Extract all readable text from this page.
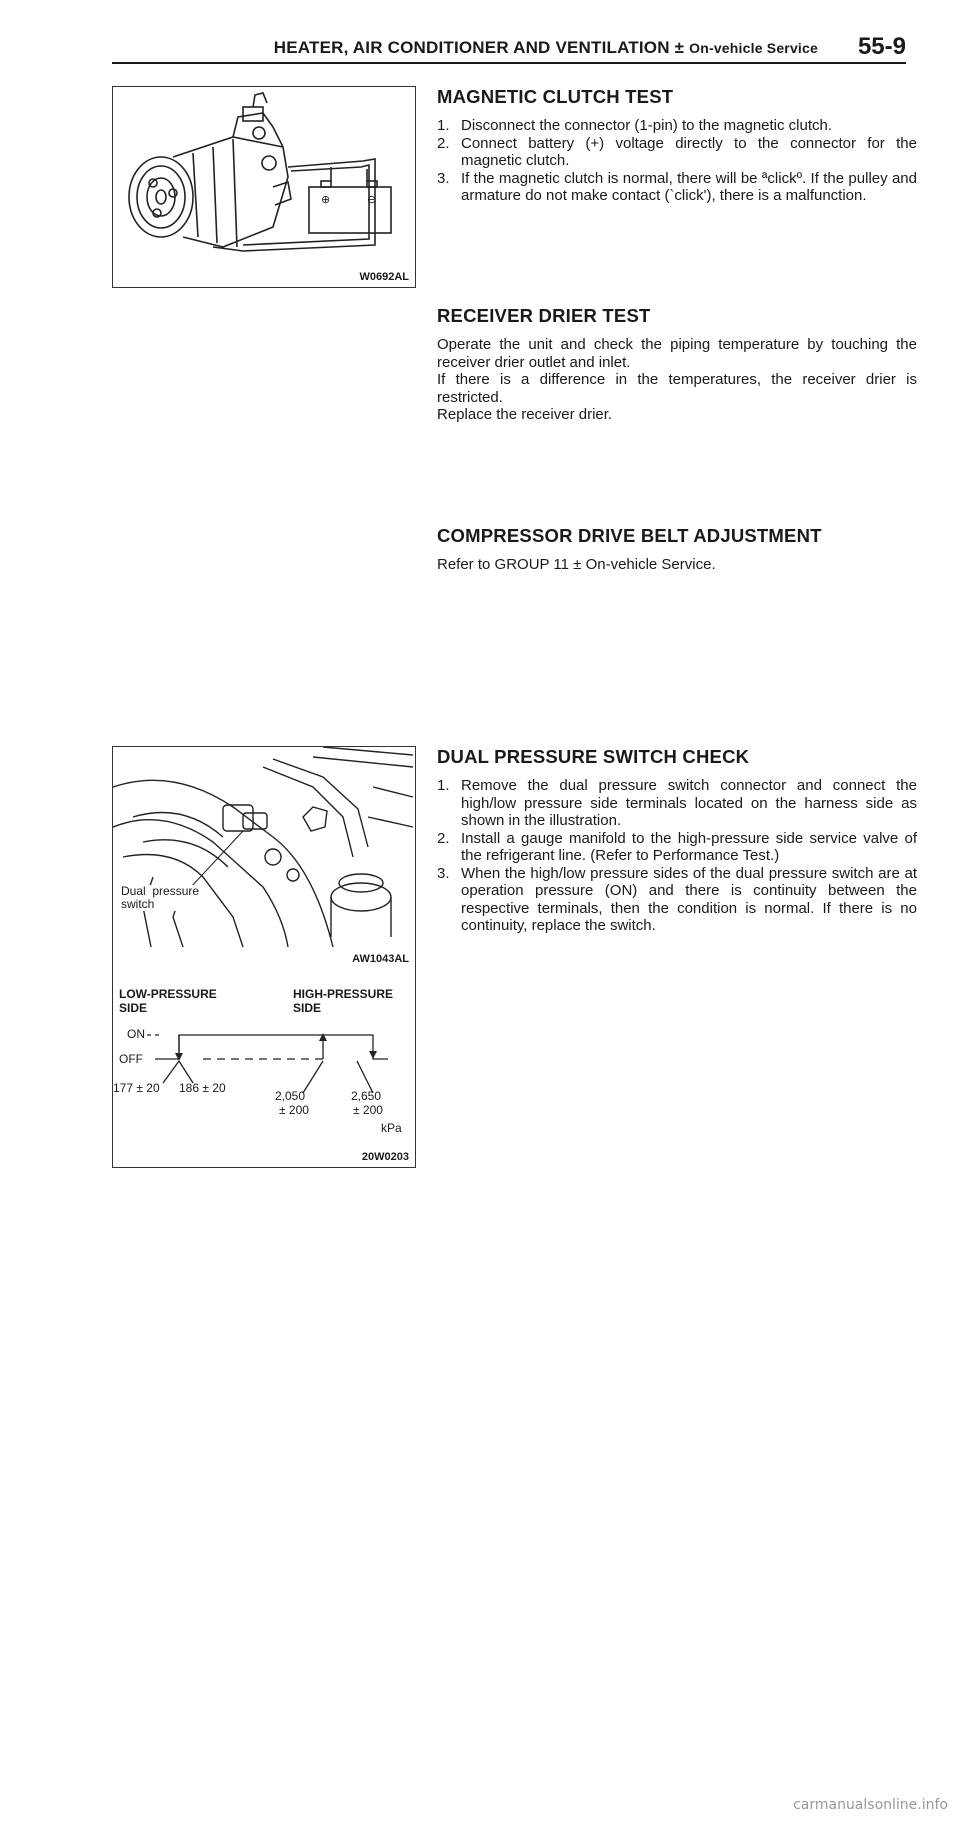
HEATER, AIR CONDITIONER AND VENTILATION ± On-vehicle Service 55-9
⊕	⊖
W0692AL
MAGNETIC CLUTCH TEST
1. Disconnect the connector (1-pin) to the magnetic clutch.
2. Connect battery (+) voltage directly to the connector for the magnetic clutch.
3. If the magnetic clutch is normal, there will be ªclickº. If the pulley and armature do not make contact (`click'), there is a malfunction.
RECEIVER DRIER TEST

Operate the unit and check the piping temperature by touching the receiver drier outlet and inlet.

If there is a difference in the temperatures, the receiver drier is restricted.

Replace the receiver drier.

COMPRESSOR DRIVE BELT ADJUSTMENT

Refer to GROUP 11 ± On-vehicle Service.

Dual  pressure
switch
AW1043AL
LOW-PRESSURE
SIDE
HIGH-PRESSURE
SIDE
ON
OFF
177 ± 20 186 ± 20
2,050
± 200
2,650
± 200
kPa
20W0203
DUAL PRESSURE SWITCH CHECK
1. Remove the dual pressure switch connector and connect the high/low pressure side terminals located on the harness side as shown in the illustration.
2. Install a gauge manifold to the high-pressure side service valve of the refrigerant line. (Refer to Performance Test.)
3. When the high/low pressure sides of the dual pressure switch are at operation pressure (ON) and there is continuity between the respective terminals, then the condition is normal. If there is no continuity, replace the switch.
carmanualsonline.info
